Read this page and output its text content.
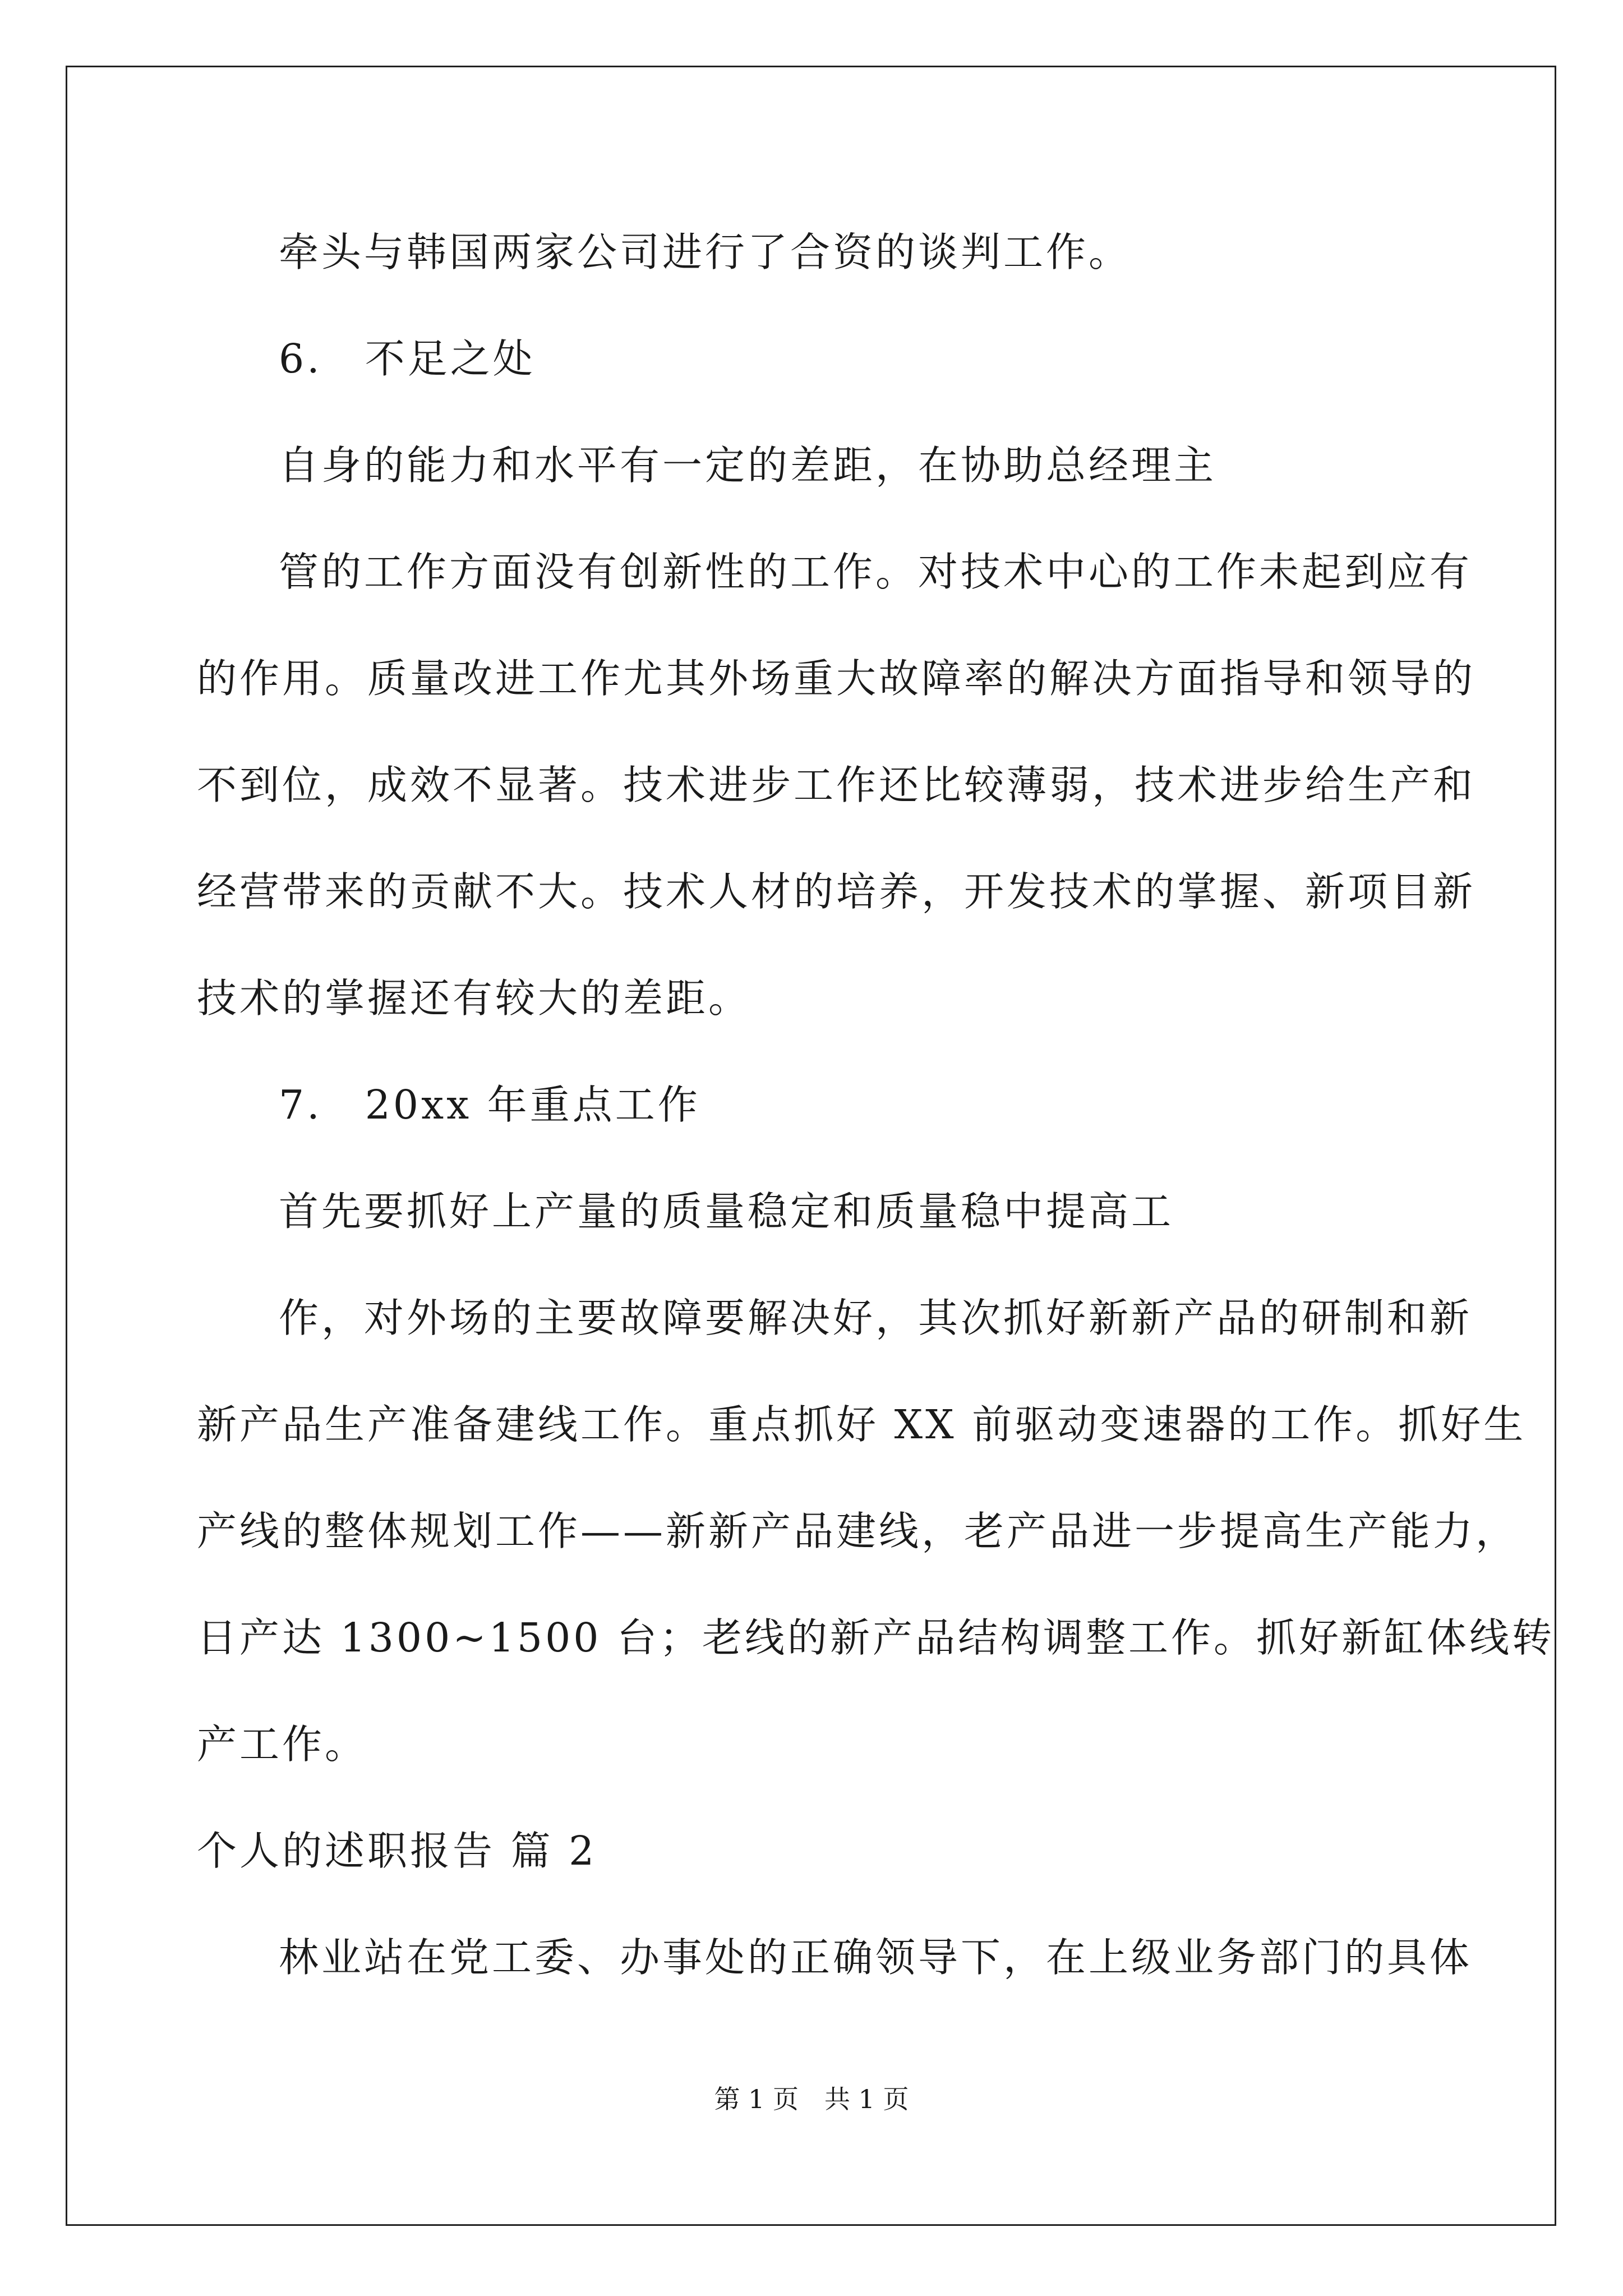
牵头与韩国两家公司进行了合资的谈判工作。

6.　不足之处

自身的能力和水平有一定的差距，在协助总经理主

管的工作方面没有创新性的工作。对技术中心的工作未起到应有

的作用。质量改进工作尤其外场重大故障率的解决方面指导和领导的

不到位，成效不显著。技术进步工作还比较薄弱，技术进步给生产和

经营带来的贡献不大。技术人材的培养，开发技术的掌握、新项目新

技术的掌握还有较大的差距。

7.　20xx 年重点工作

首先要抓好上产量的质量稳定和质量稳中提高工

作，对外场的主要故障要解决好，其次抓好新新产品的研制和新

新产品生产准备建线工作。重点抓好 XX 前驱动变速器的工作。抓好生

产线的整体规划工作——新新产品建线，老产品进一步提高生产能力，

日产达 1300~1500 台；老线的新产品结构调整工作。抓好新缸体线转

产工作。

个人的述职报告 篇 2

林业站在党工委、办事处的正确领导下，在上级业务部门的具体

第 1 页　共 1 页
